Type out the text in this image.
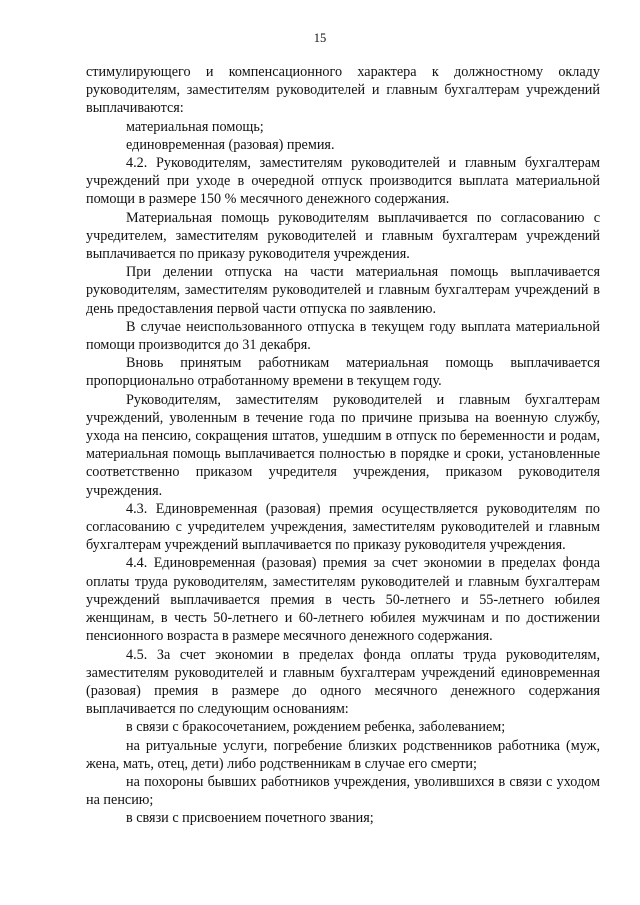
15

стимулирующего и компенсационного характера к должностному окладу руководителям, заместителям руководителей и главным бухгалтерам учреждений выплачиваются:

материальная помощь;

единовременная (разовая) премия.

4.2. Руководителям, заместителям руководителей и главным бухгалтерам учреждений при уходе в очередной отпуск производится выплата материальной помощи в размере 150 % месячного денежного содержания.

Материальная помощь руководителям выплачивается по согласованию с учредителем, заместителям руководителей и главным бухгалтерам учреждений выплачивается по приказу руководителя учреждения.

При делении отпуска на части материальная помощь выплачивается руководителям, заместителям руководителей и главным бухгалтерам учреждений в день предоставления первой части отпуска по заявлению.

В случае неиспользованного отпуска в текущем году выплата материальной помощи производится до 31 декабря.

Вновь принятым работникам материальная помощь выплачивается пропорционально отработанному времени в текущем году.

Руководителям, заместителям руководителей и главным бухгалтерам учреждений, уволенным в течение года по причине призыва на военную службу, ухода на пенсию, сокращения штатов, ушедшим в отпуск по беременности и родам, материальная помощь выплачивается полностью в порядке и сроки, установленные соответственно приказом учредителя учреждения, приказом руководителя учреждения.

4.3. Единовременная (разовая) премия осуществляется руководителям по согласованию с учредителем учреждения, заместителям руководителей и главным бухгалтерам учреждений выплачивается по приказу руководителя учреждения.

4.4. Единовременная (разовая) премия за счет экономии в пределах фонда оплаты труда руководителям, заместителям руководителей и главным бухгалтерам учреждений выплачивается премия в честь 50-летнего и 55-летнего юбилея женщинам, в честь 50-летнего и 60-летнего юбилея мужчинам и по достижении пенсионного возраста в размере месячного денежного содержания.

4.5. За счет экономии в пределах фонда оплаты труда руководителям, заместителям руководителей и главным бухгалтерам учреждений единовременная (разовая) премия в размере до одного месячного денежного содержания выплачивается по следующим основаниям:

в связи с бракосочетанием, рождением ребенка, заболеванием;

на ритуальные услуги, погребение близких родственников работника (муж, жена, мать, отец, дети) либо родственникам в случае его смерти;

на похороны бывших работников учреждения, уволившихся в связи с уходом на пенсию;

в связи с присвоением почетного звания;
